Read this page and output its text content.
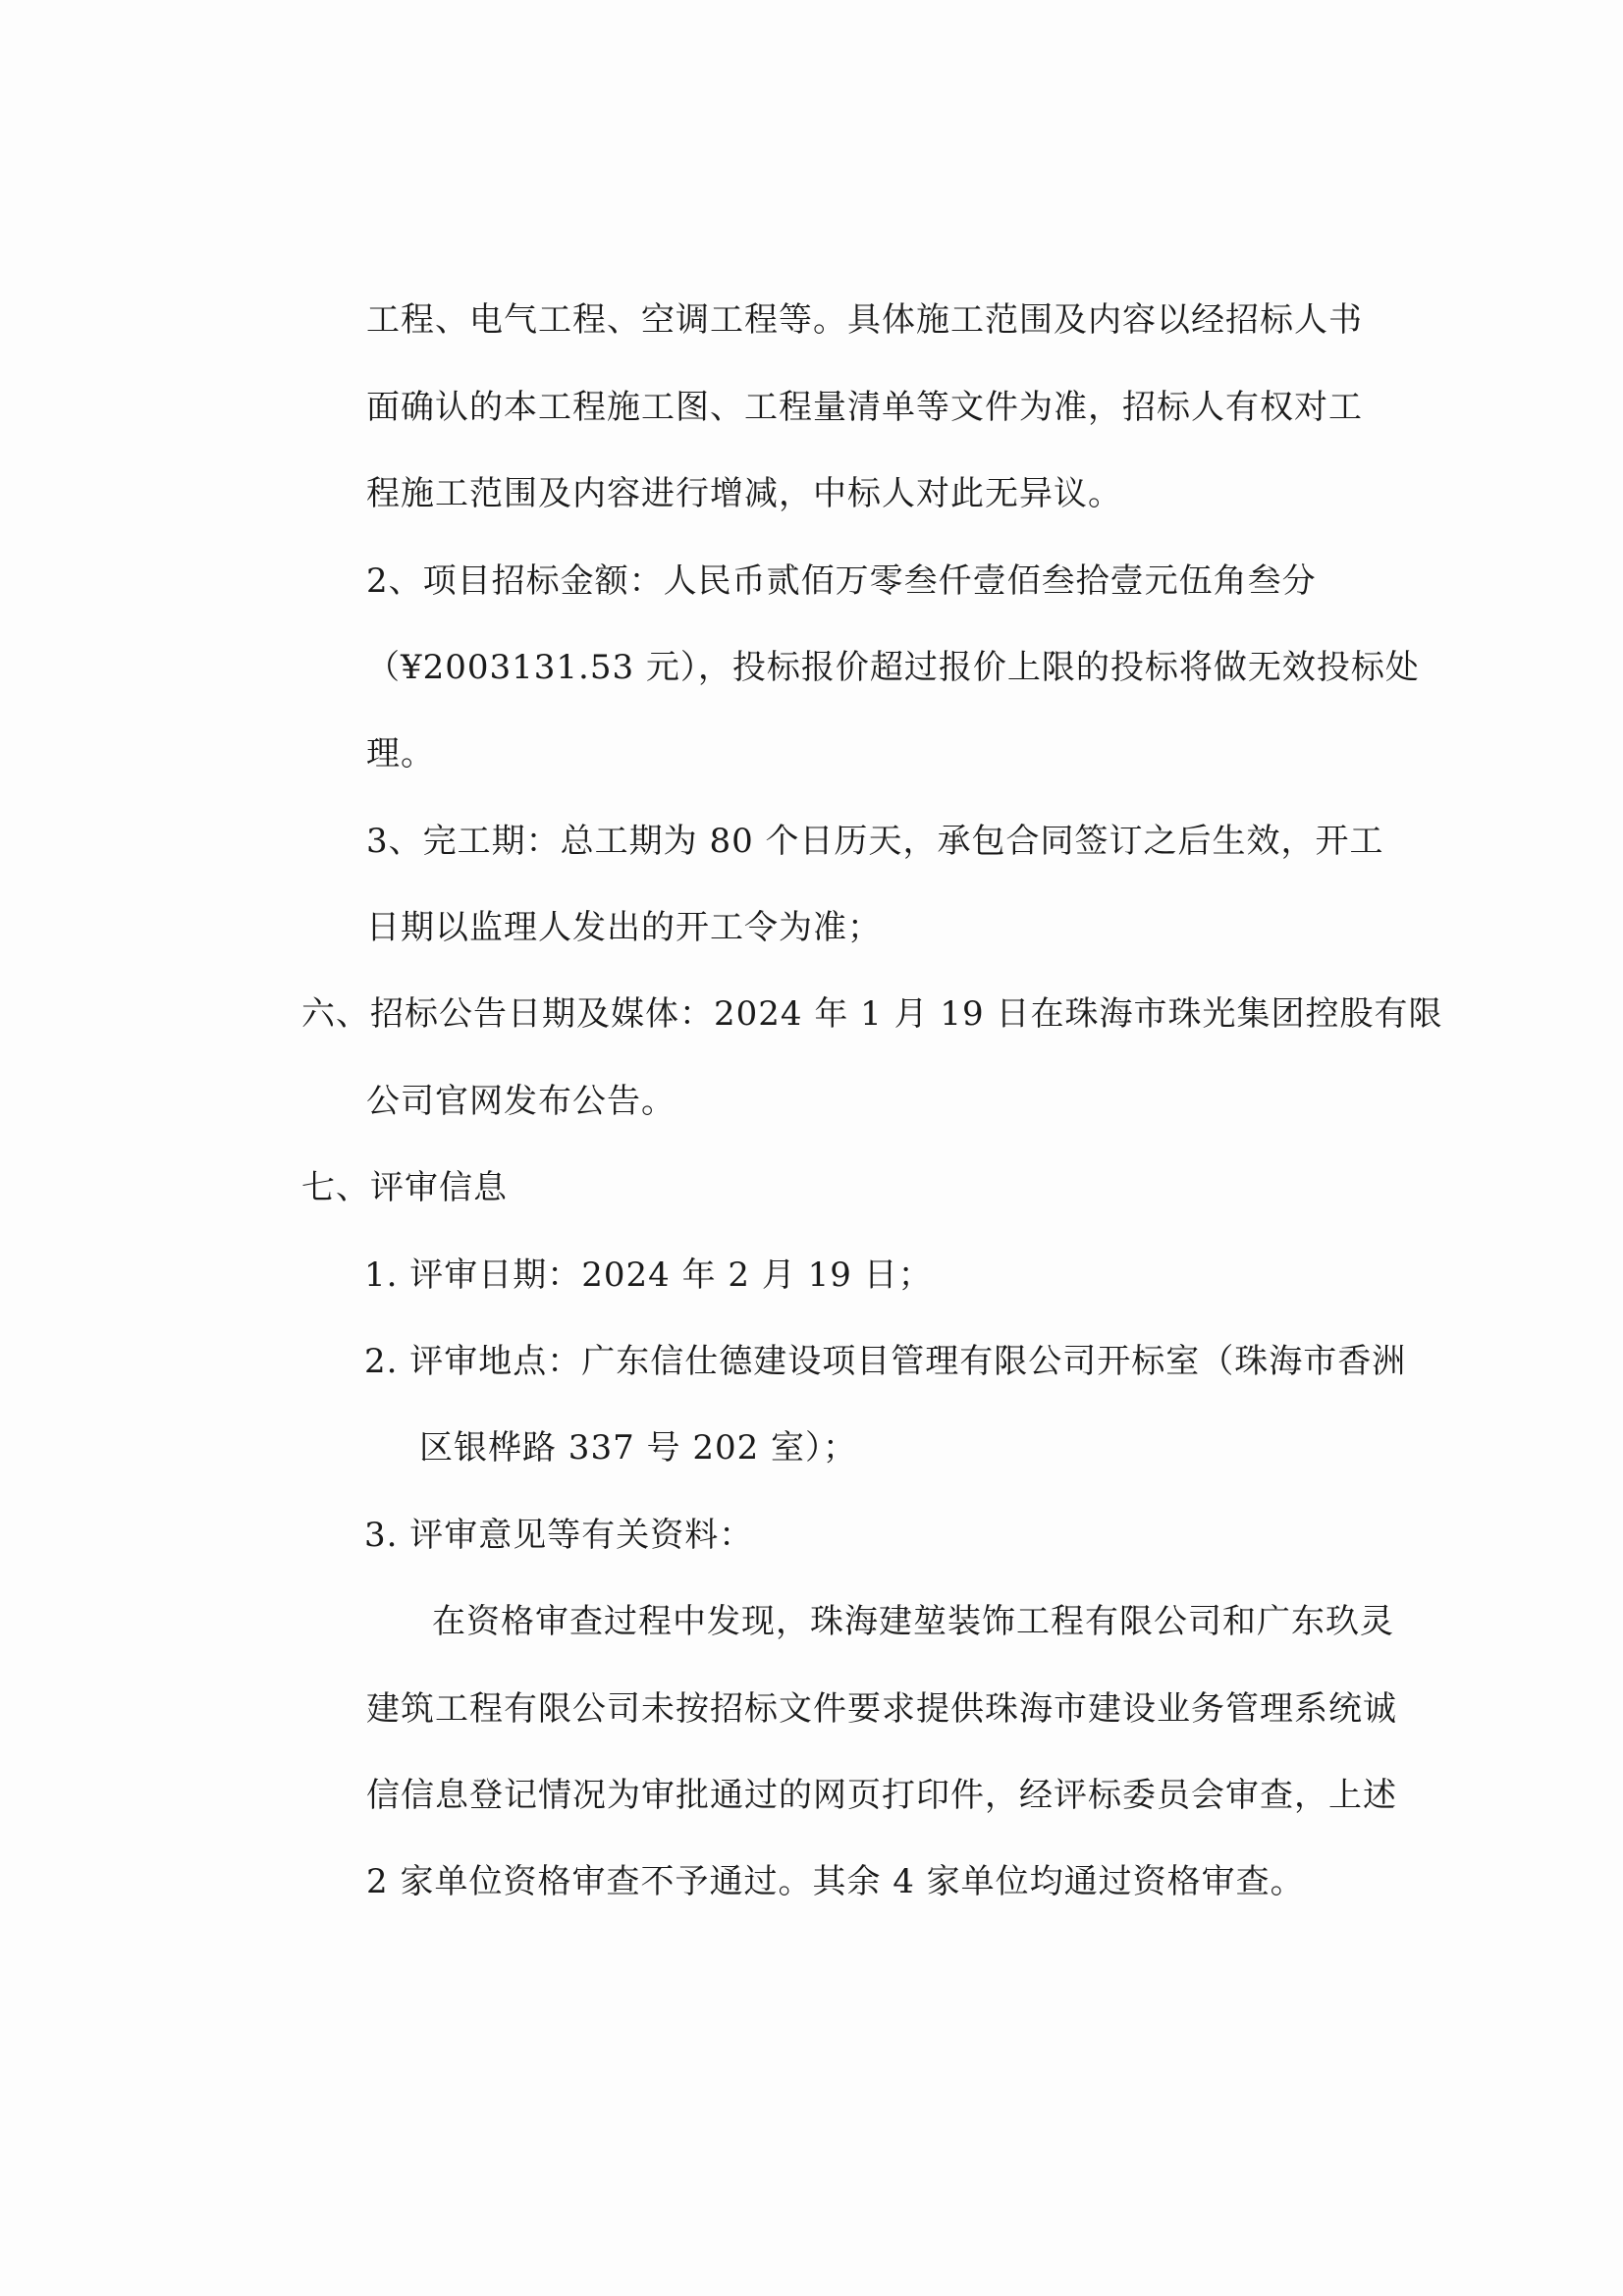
工程、电气工程、空调工程等。具体施工范围及内容以经招标人书
面确认的本工程施工图、工程量清单等文件为准，招标人有权对工
程施工范围及内容进行增减，中标人对此无异议。
2、项目招标金额：人民币贰佰万零叁仟壹佰叁拾壹元伍角叁分
（¥2003131.53 元），投标报价超过报价上限的投标将做无效投标处
理。
3、完工期：总工期为 80 个日历天，承包合同签订之后生效，开工
日期以监理人发出的开工令为准；
六、招标公告日期及媒体：2024 年 1 月 19 日在珠海市珠光集团控股有限
公司官网发布公告。
七、评审信息
1. 评审日期：2024 年 2 月 19 日；
2. 评审地点：广东信仕德建设项目管理有限公司开标室（珠海市香洲
区银桦路 337 号 202 室）；
3. 评审意见等有关资料：
在资格审查过程中发现，珠海建堃装饰工程有限公司和广东玖灵
建筑工程有限公司未按招标文件要求提供珠海市建设业务管理系统诚
信信息登记情况为审批通过的网页打印件，经评标委员会审查，上述
2 家单位资格审查不予通过。其余 4 家单位均通过资格审查。
